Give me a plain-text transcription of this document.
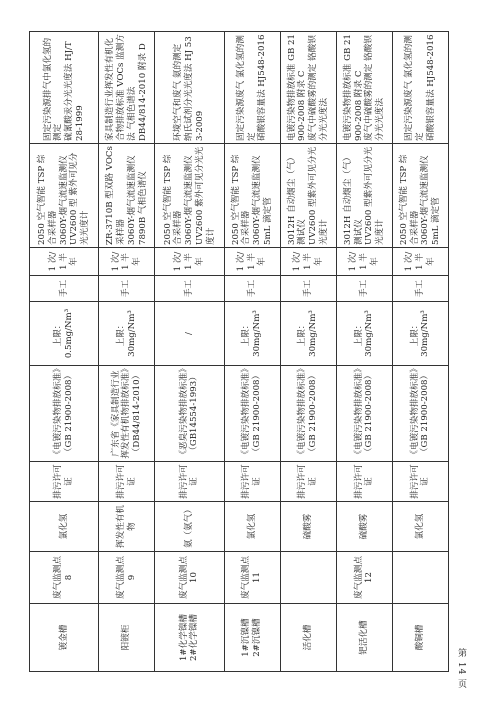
镀金槽	废气监测点 8	氯化氢	排污许可证	《电镀污染物排放标准》（GB 21900-2008）	上限：
0.5mg/Nm³	手工	1 次/1 半年	2050 空气智能 TSP 综合采样器
3060Y-烟气流速监测仪
UV2600 型 紫外可见分光光度计	固定污染源排气中氯化氢的测定
硫氰酸汞分光光度法 HJ/T 28-1999
阳镀柜	废气监测点 9	挥发性有机物	排污许可证	广东省《家具制造行业挥发性有机物排放标准》（DB44/814-2010）	上限：
30mg/Nm³	手工	1 次/1 半年	ZR-3710B 型双路 VOCs 采样器
3060Y-烟气流速监测仪
7890B 气相色谱仪	家具制造行业挥发性有机化合物排放标准 VOCs 监测方法 气相色谱法
DB44/814-2010 附录 D
1#化学镍槽
2#化学镍槽	废气监测点 10	氨（氨气）	排污许可证	《恶臭污染物排放标准》（GB14554-1993）	/	手工	1 次/1 半年	2050 空气智能 TSP 综合采样器
3060Y-烟气流速监测仪
UV2600 紫外可见分光光度计	环境空气和废气 氨的测定
纳氏试剂分光光度法 HJ 533-2009
1#沉镍槽
2#沉镍槽	废气监测点 11	氯化氢	排污许可证	《电镀污染物排放标准》（GB 21900-2008）	上限：
30mg/Nm³	手工	1 次/1 半年	2050 空气智能 TSP 综合采样器
3060Y-烟气流速监测仪
5mL 滴定管	固定污染源废气 氯化氢的测定
硝酸银容量法 HJ548-2016
活化槽		硫酸雾	排污许可证	《电镀污染物排放标准》（GB 21900-2008）	上限：
30mg/Nm³	手工	1 次/1 半年	3012H 自动烟尘（气）测试仪
UV2600 型紫外可见分光光度计	电镀污染物排放标准 GB 21900-2008 附录 C
废气中硫酸雾的测定 铬酸钡分光光度法
钯活化槽	废气监测点 12	硫酸雾	排污许可证	《电镀污染物排放标准》（GB 21900-2008）	上限：
30mg/Nm³	手工	1 次/1 半年	3012H 自动烟尘（气）测试仪
UV2600 型紫外可见分光光度计	电镀污染物排放标准 GB 21900-2008 附录 C
废气中硫酸雾的测定 铬酸钡分光光度法
酸铜槽		氯化氢	排污许可证	《电镀污染物排放标准》（GB 21900-2008）	上限：
30mg/Nm³	手工	1 次/1 半年	2050 空气智能 TSP 综合采样器
3060Y-烟气流速监测仪
5mL 滴定管	固定污染源废气 氯化氢的测定
硝酸银容量法 HJ548-2016
第 14 页
